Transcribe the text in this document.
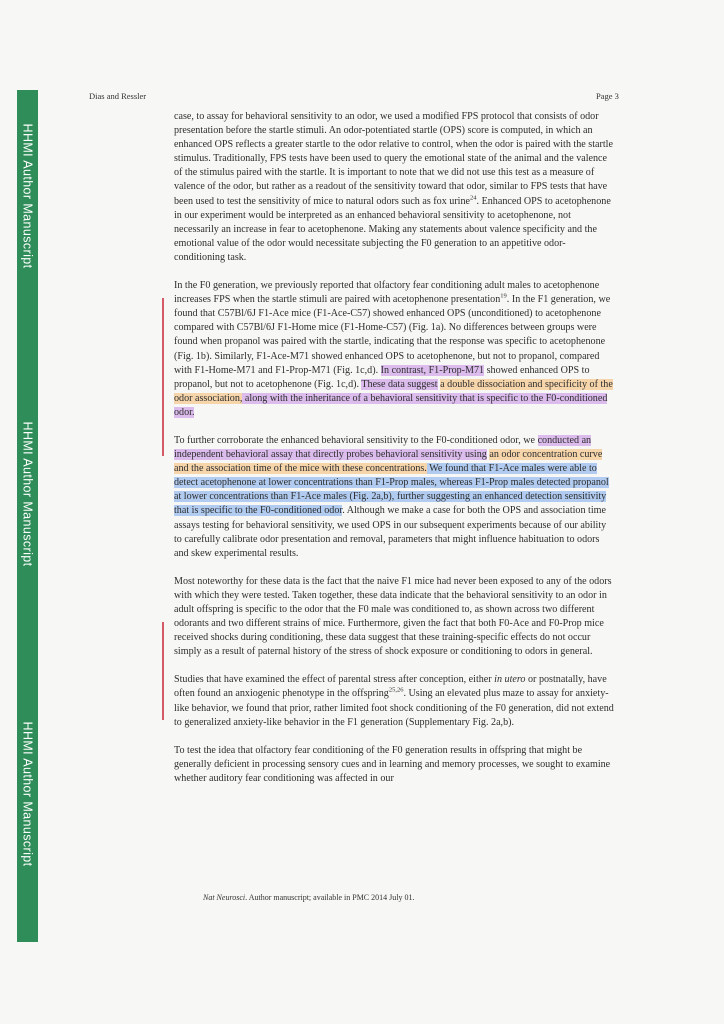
HHMI Author Manuscript
HHMI Author Manuscript
HHMI Author Manuscript
Dias and Ressler	Page 3

case, to assay for behavioral sensitivity to an odor, we used a modified FPS protocol that consists of odor presentation before the startle stimuli. An odor-potentiated startle (OPS) score is computed, in which an enhanced OPS reflects a greater startle to the odor relative to control, when the odor is paired with the startle stimulus. Traditionally, FPS tests have been used to query the emotional state of the animal and the valence of the stimulus paired with the startle. It is important to note that we did not use this test as a measure of valence of the odor, but rather as a readout of the sensitivity toward that odor, similar to FPS tests that have been used to test the sensitivity of mice to natural odors such as fox urine$^{24}$. Enhanced OPS to acetophenone in our experiment would be interpreted as an enhanced behavioral sensitivity to acetophenone, not necessarily an increase in fear to acetophenone. Making any statements about valence specificity and the emotional value of the odor would necessitate subjecting the F0 generation to an appetitive odor-conditioning task.

In the F0 generation, we previously reported that olfactory fear conditioning adult males to acetophenone increases FPS when the startle stimuli are paired with acetophenone presentation$^{19}$. In the F1 generation, we found that C57Bl/6J F1-Ace mice (F1-Ace-C57) showed enhanced OPS (unconditioned) to acetophenone compared with C57Bl/6J F1-Home mice (F1-Home-C57) (Fig. 1a). No differences between groups were found when propanol was paired with the startle, indicating that the response was specific to acetophenone (Fig. 1b). Similarly, F1-Ace-M71 showed enhanced OPS to acetophenone, but not to propanol, compared with F1-Home-M71 and F1-Prop-M71 (Fig. 1c,d). In contrast, F1-Prop-M71 showed enhanced OPS to propanol, but not to acetophenone (Fig. 1c,d). These data suggest a double dissociation and specificity of the odor association, along with the inheritance of a behavioral sensitivity that is specific to the F0-conditioned odor.

To further corroborate the enhanced behavioral sensitivity to the F0-conditioned odor, we conducted an independent behavioral assay that directly probes behavioral sensitivity using an odor concentration curve and the association time of the mice with these concentrations. We found that F1-Ace males were able to detect acetophenone at lower concentrations than F1-Prop males, whereas F1-Prop males detected propanol at lower concentrations than F1-Ace males (Fig. 2a,b), further suggesting an enhanced detection sensitivity that is specific to the F0-conditioned odor. Although we make a case for both the OPS and association time assays testing for behavioral sensitivity, we used OPS in our subsequent experiments because of our ability to carefully calibrate odor presentation and removal, parameters that might influence habituation to odors and skew experimental results.

Most noteworthy for these data is the fact that the naive F1 mice had never been exposed to any of the odors with which they were tested. Taken together, these data indicate that the behavioral sensitivity to an odor in adult offspring is specific to the odor that the F0 male was conditioned to, as shown across two different odorants and two different strains of mice. Furthermore, given the fact that both F0-Ace and F0-Prop mice received shocks during conditioning, these data suggest that these training-specific effects do not occur simply as a result of paternal history of the stress of shock exposure or conditioning to odors in general.

Studies that have examined the effect of parental stress after conception, either in utero or postnatally, have often found an anxiogenic phenotype in the offspring$^{25,26}$. Using an elevated plus maze to assay for anxiety-like behavior, we found that prior, rather limited foot shock conditioning of the F0 generation, did not extend to generalized anxiety-like behavior in the F1 generation (Supplementary Fig. 2a,b).

To test the idea that olfactory fear conditioning of the F0 generation results in offspring that might be generally deficient in processing sensory cues and in learning and memory processes, we sought to examine whether auditory fear conditioning was affected in our

Nat Neurosci. Author manuscript; available in PMC 2014 July 01.
